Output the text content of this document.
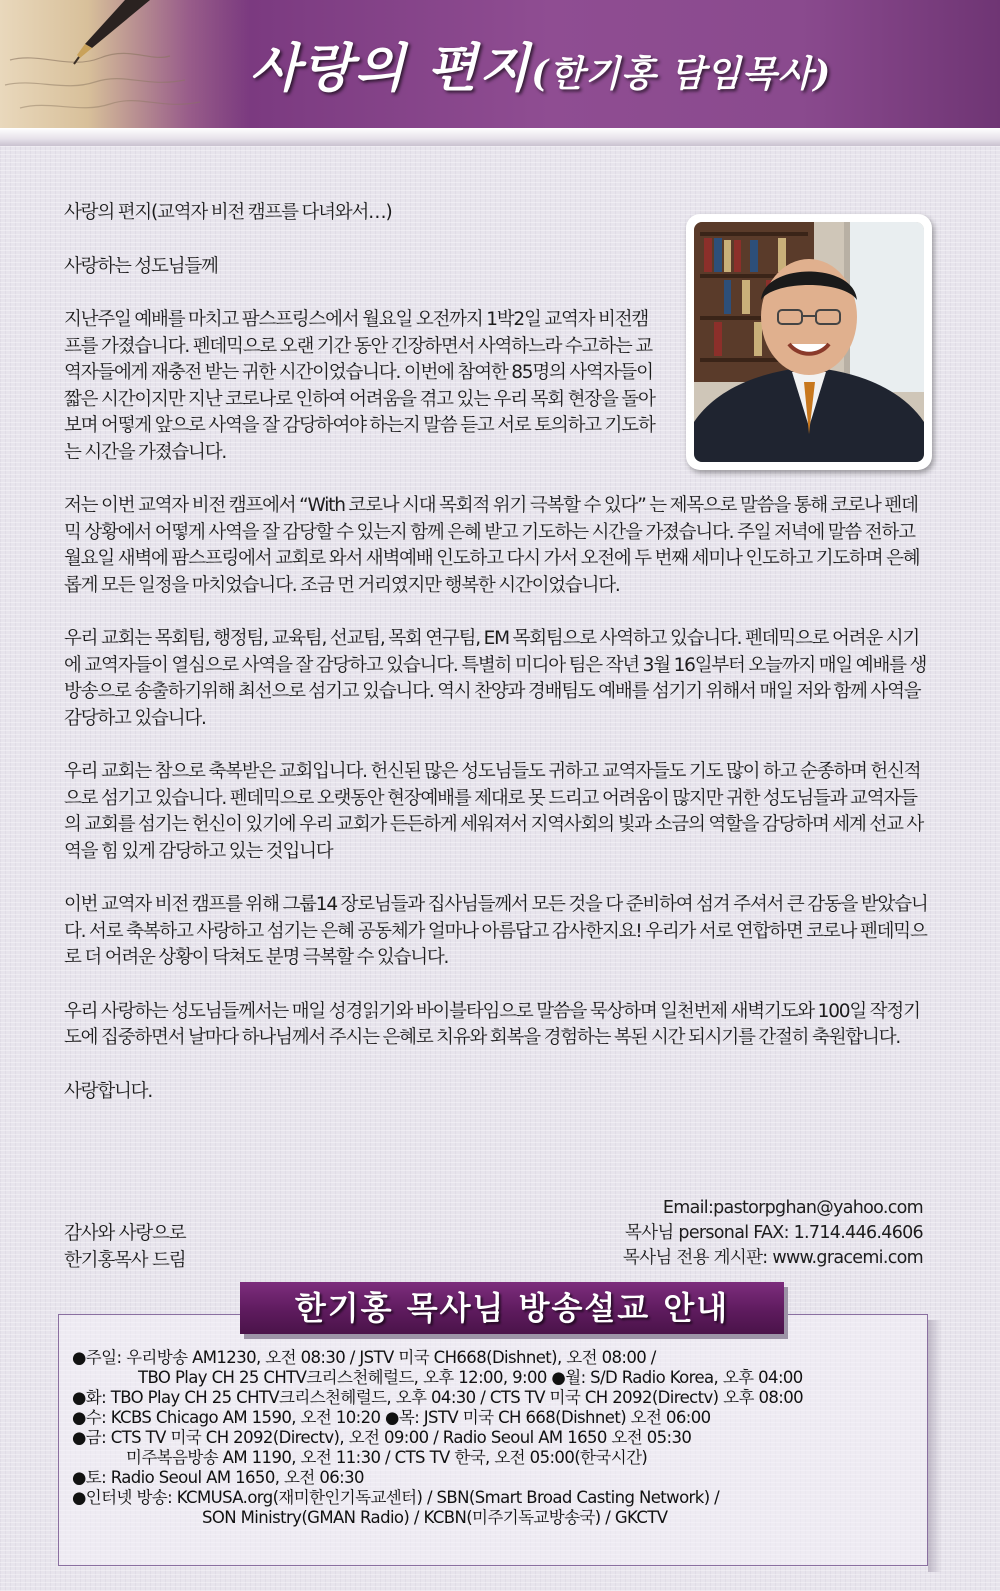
사랑의 편지(한기홍 담임목사)

사랑의 편지(교역자 비전 캠프를 다녀와서…)

사랑하는 성도님들께

지난주일 예배를 마치고 팜스프링스에서 월요일 오전까지 1박2일 교역자 비전캠프를 가졌습니다. 펜데믹으로 오랜 기간 동안 긴장하면서 사역하느라 수고하는 교역자들에게 재충전 받는 귀한 시간이었습니다. 이번에 참여한 85명의 사역자들이 짧은 시간이지만 지난 코로나로 인하여 어려움을 겪고 있는 우리 목회 현장을 돌아보며 어떻게 앞으로 사역을 잘 감당하여야 하는지 말씀 듣고 서로 토의하고 기도하는 시간을 가졌습니다.

저는 이번 교역자 비전 캠프에서 “With 코로나 시대 목회적 위기 극복할 수 있다” 는 제목으로 말씀을 통해 코로나 펜데믹 상황에서 어떻게 사역을 잘 감당할 수 있는지 함께 은혜 받고 기도하는 시간을 가졌습니다. 주일 저녁에 말씀 전하고 월요일 새벽에 팜스프링에서 교회로 와서 새벽예배 인도하고 다시 가서 오전에 두 번째 세미나 인도하고 기도하며 은혜롭게 모든 일정을 마치었습니다. 조금 먼 거리였지만 행복한 시간이었습니다.

우리 교회는 목회팀, 행정팀, 교육팀, 선교팀, 목회 연구팀, EM 목회팀으로 사역하고 있습니다. 펜데믹으로 어려운 시기에 교역자들이 열심으로 사역을 잘 감당하고 있습니다. 특별히 미디아 팀은 작년 3월 16일부터 오늘까지 매일 예배를 생방송으로 송출하기위해 최선으로 섬기고 있습니다. 역시 찬양과 경배팀도 예배를 섬기기 위해서 매일 저와 함께 사역을 감당하고 있습니다.

우리 교회는 참으로 축복받은 교회입니다. 헌신된 많은 성도님들도 귀하고 교역자들도 기도 많이 하고 순종하며 헌신적으로 섬기고 있습니다. 펜데믹으로 오랫동안 현장예배를 제대로 못 드리고 어려움이 많지만 귀한 성도님들과 교역자들의 교회를 섬기는 헌신이 있기에 우리 교회가 든든하게 세워져서 지역사회의 빛과 소금의 역할을 감당하며 세계 선교 사역을 힘 있게 감당하고 있는 것입니다

이번 교역자 비전 캠프를 위해 그룹14 장로님들과 집사님들께서 모든 것을 다 준비하여 섬겨 주셔서 큰 감동을 받았습니다. 서로 축복하고 사랑하고 섬기는 은혜 공동체가 얼마나 아름답고 감사한지요! 우리가 서로 연합하면 코로나 펜데믹으로 더 어려운 상황이 닥쳐도 분명 극복할 수 있습니다.

우리 사랑하는 성도님들께서는 매일 성경읽기와 바이블타임으로 말씀을 묵상하며 일천번제 새벽기도와 100일 작정기도에 집중하면서 날마다 하나님께서 주시는 은혜로 치유와 회복을 경험하는 복된 시간 되시기를 간절히 축원합니다.

사랑합니다.

감사와 사랑으로
한기홍목사 드림
Email:pastorpghan@yahoo.com
목사님 personal FAX: 1.714.446.4606
목사님 전용 게시판: www.gracemi.com
한기홍 목사님 방송설교 안내
●주일: 우리방송 AM1230, 오전 08:30 / JSTV 미국 CH668(Dishnet), 오전 08:00 /
TBO Play CH 25 CHTV크리스천헤럴드, 오후 12:00, 9:00 ●월: S/D Radio Korea, 오후 04:00
●화: TBO Play CH 25 CHTV크리스천헤럴드, 오후 04:30 / CTS TV 미국 CH 2092(Directv) 오후 08:00
●수: KCBS Chicago AM 1590, 오전 10:20 ●목: JSTV 미국 CH 668(Dishnet) 오전 06:00
●금: CTS TV 미국 CH 2092(Directv), 오전 09:00 / Radio Seoul AM 1650 오전 05:30
미주복음방송 AM 1190, 오전 11:30 / CTS TV 한국, 오전 05:00(한국시간)
●토: Radio Seoul AM 1650, 오전 06:30
●인터넷 방송: KCMUSA.org(재미한인기독교센터) / SBN(Smart Broad Casting Network) /
SON Ministry(GMAN Radio) / KCBN(미주기독교방송국) / GKCTV
